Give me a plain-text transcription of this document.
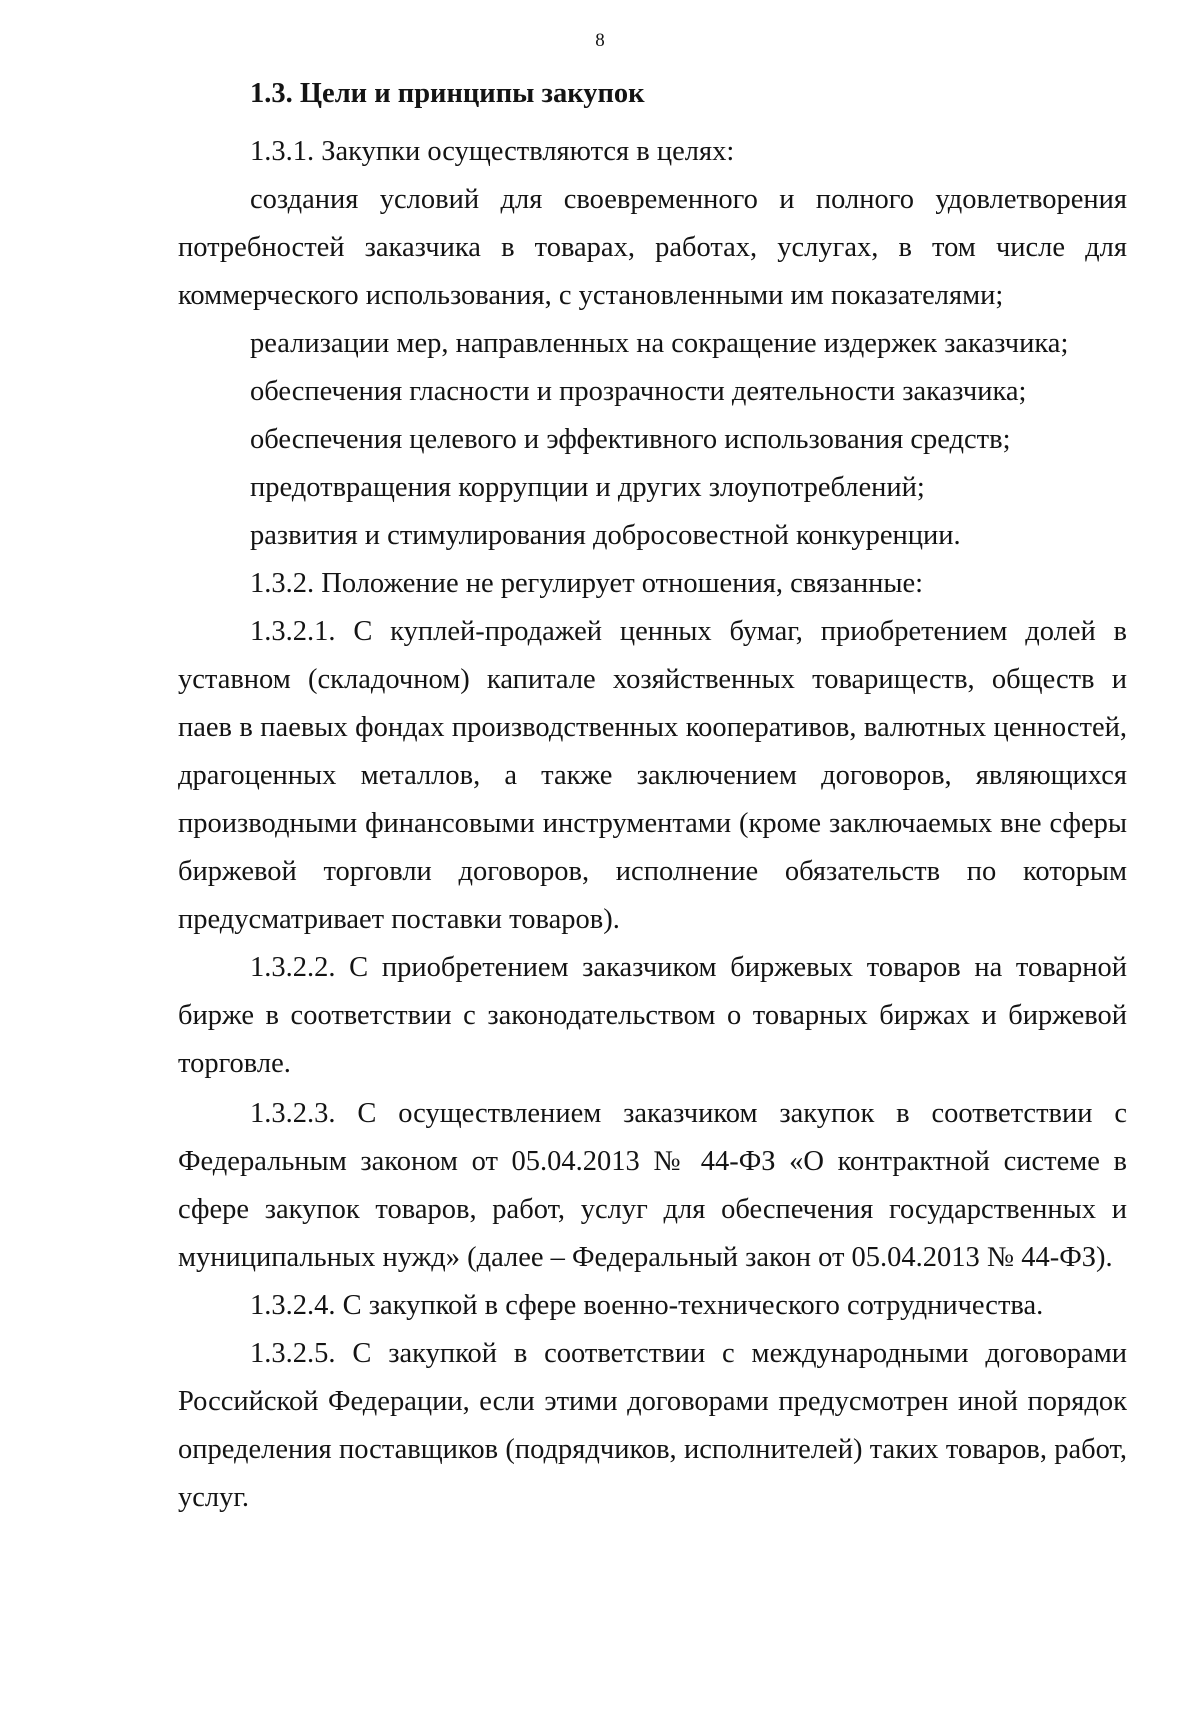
8
1.3. Цели и принципы закупок

1.3.1. Закупки осуществляются в целях:

создания условий для своевременного и полного удовлетворения потребностей заказчика в товарах, работах, услугах, в том числе для коммерческого использования, с установленными им показателями;

реализации мер, направленных на сокращение издержек заказчика;

обеспечения гласности и прозрачности деятельности заказчика;

обеспечения целевого и эффективного использования средств;

предотвращения коррупции и других злоупотреблений;

развития и стимулирования добросовестной конкуренции.

1.3.2. Положение не регулирует отношения, связанные:

1.3.2.1. С куплей-продажей ценных бумаг, приобретением долей в уставном (складочном) капитале хозяйственных товариществ, обществ и паев в паевых фондах производственных кооперативов, валютных ценностей, драгоценных металлов, а также заключением договоров, являющихся производными финансовыми инструментами (кроме заключаемых вне сферы биржевой торговли договоров, исполнение обязательств по которым предусматривает поставки товаров).

1.3.2.2. С приобретением заказчиком биржевых товаров на товарной бирже в соответствии с законодательством о товарных биржах и биржевой торговле.

1.3.2.3. С осуществлением заказчиком закупок в соответствии с Федеральным законом от 05.04.2013 № 44-ФЗ «О контрактной системе в сфере закупок товаров, работ, услуг для обеспечения государственных и муниципальных нужд» (далее – Федеральный закон от 05.04.2013 № 44-ФЗ).

1.3.2.4. С закупкой в сфере военно-технического сотрудничества.

1.3.2.5. С закупкой в соответствии с международными договорами Российской Федерации, если этими договорами предусмотрен иной порядок определения поставщиков (подрядчиков, исполнителей) таких товаров, работ, услуг.
